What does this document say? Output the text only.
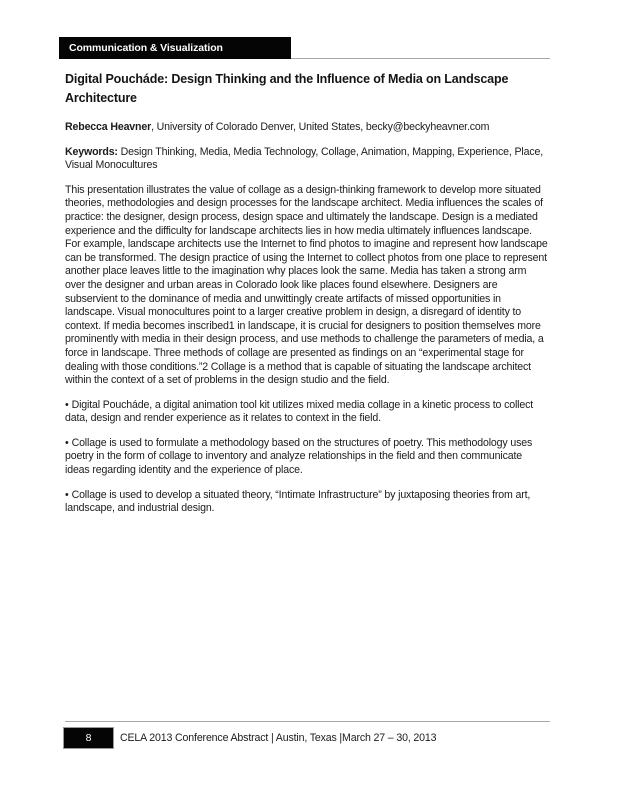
Communication & Visualization
Digital Poucháde: Design Thinking and the Influence of Media on Landscape Architecture

Rebecca Heavner, University of Colorado Denver, United States, becky@beckyheavner.com

Keywords: Design Thinking, Media, Media Technology, Collage, Animation, Mapping, Experience, Place, Visual Monocultures

This presentation illustrates the value of collage as a design-thinking framework to develop more situated theories, methodologies and design processes for the landscape architect. Media influences the scales of practice: the designer, design process, design space and ultimately the landscape. Design is a mediated experience and the difficulty for landscape architects lies in how media ultimately influences landscape. For example, landscape architects use the Internet to find photos to imagine and represent how landscape can be transformed. The design practice of using the Internet to collect photos from one place to represent another place leaves little to the imagination why places look the same. Media has taken a strong arm over the designer and urban areas in Colorado look like places found elsewhere. Designers are subservient to the dominance of media and unwittingly create artifacts of missed opportunities in landscape. Visual monocultures point to a larger creative problem in design, a disregard of identity to context. If media becomes inscribed1 in landscape, it is crucial for designers to position themselves more prominently with media in their design process, and use methods to challenge the parameters of media, a force in landscape. Three methods of collage are presented as findings on an “experimental stage for dealing with those conditions.”2 Collage is a method that is capable of situating the landscape architect within the context of a set of problems in the design studio and the field.

• Digital Poucháde, a digital animation tool kit utilizes mixed media collage in a kinetic process to collect data, design and render experience as it relates to context in the field.

• Collage is used to formulate a methodology based on the structures of poetry. This methodology uses poetry in the form of collage to inventory and analyze relationships in the field and then communicate ideas regarding identity and the experience of place.

• Collage is used to develop a situated theory, “Intimate Infrastructure” by juxtaposing theories from art, landscape, and industrial design.

8	CELA 2013 Conference Abstract | Austin, Texas |March 27 – 30, 2013
